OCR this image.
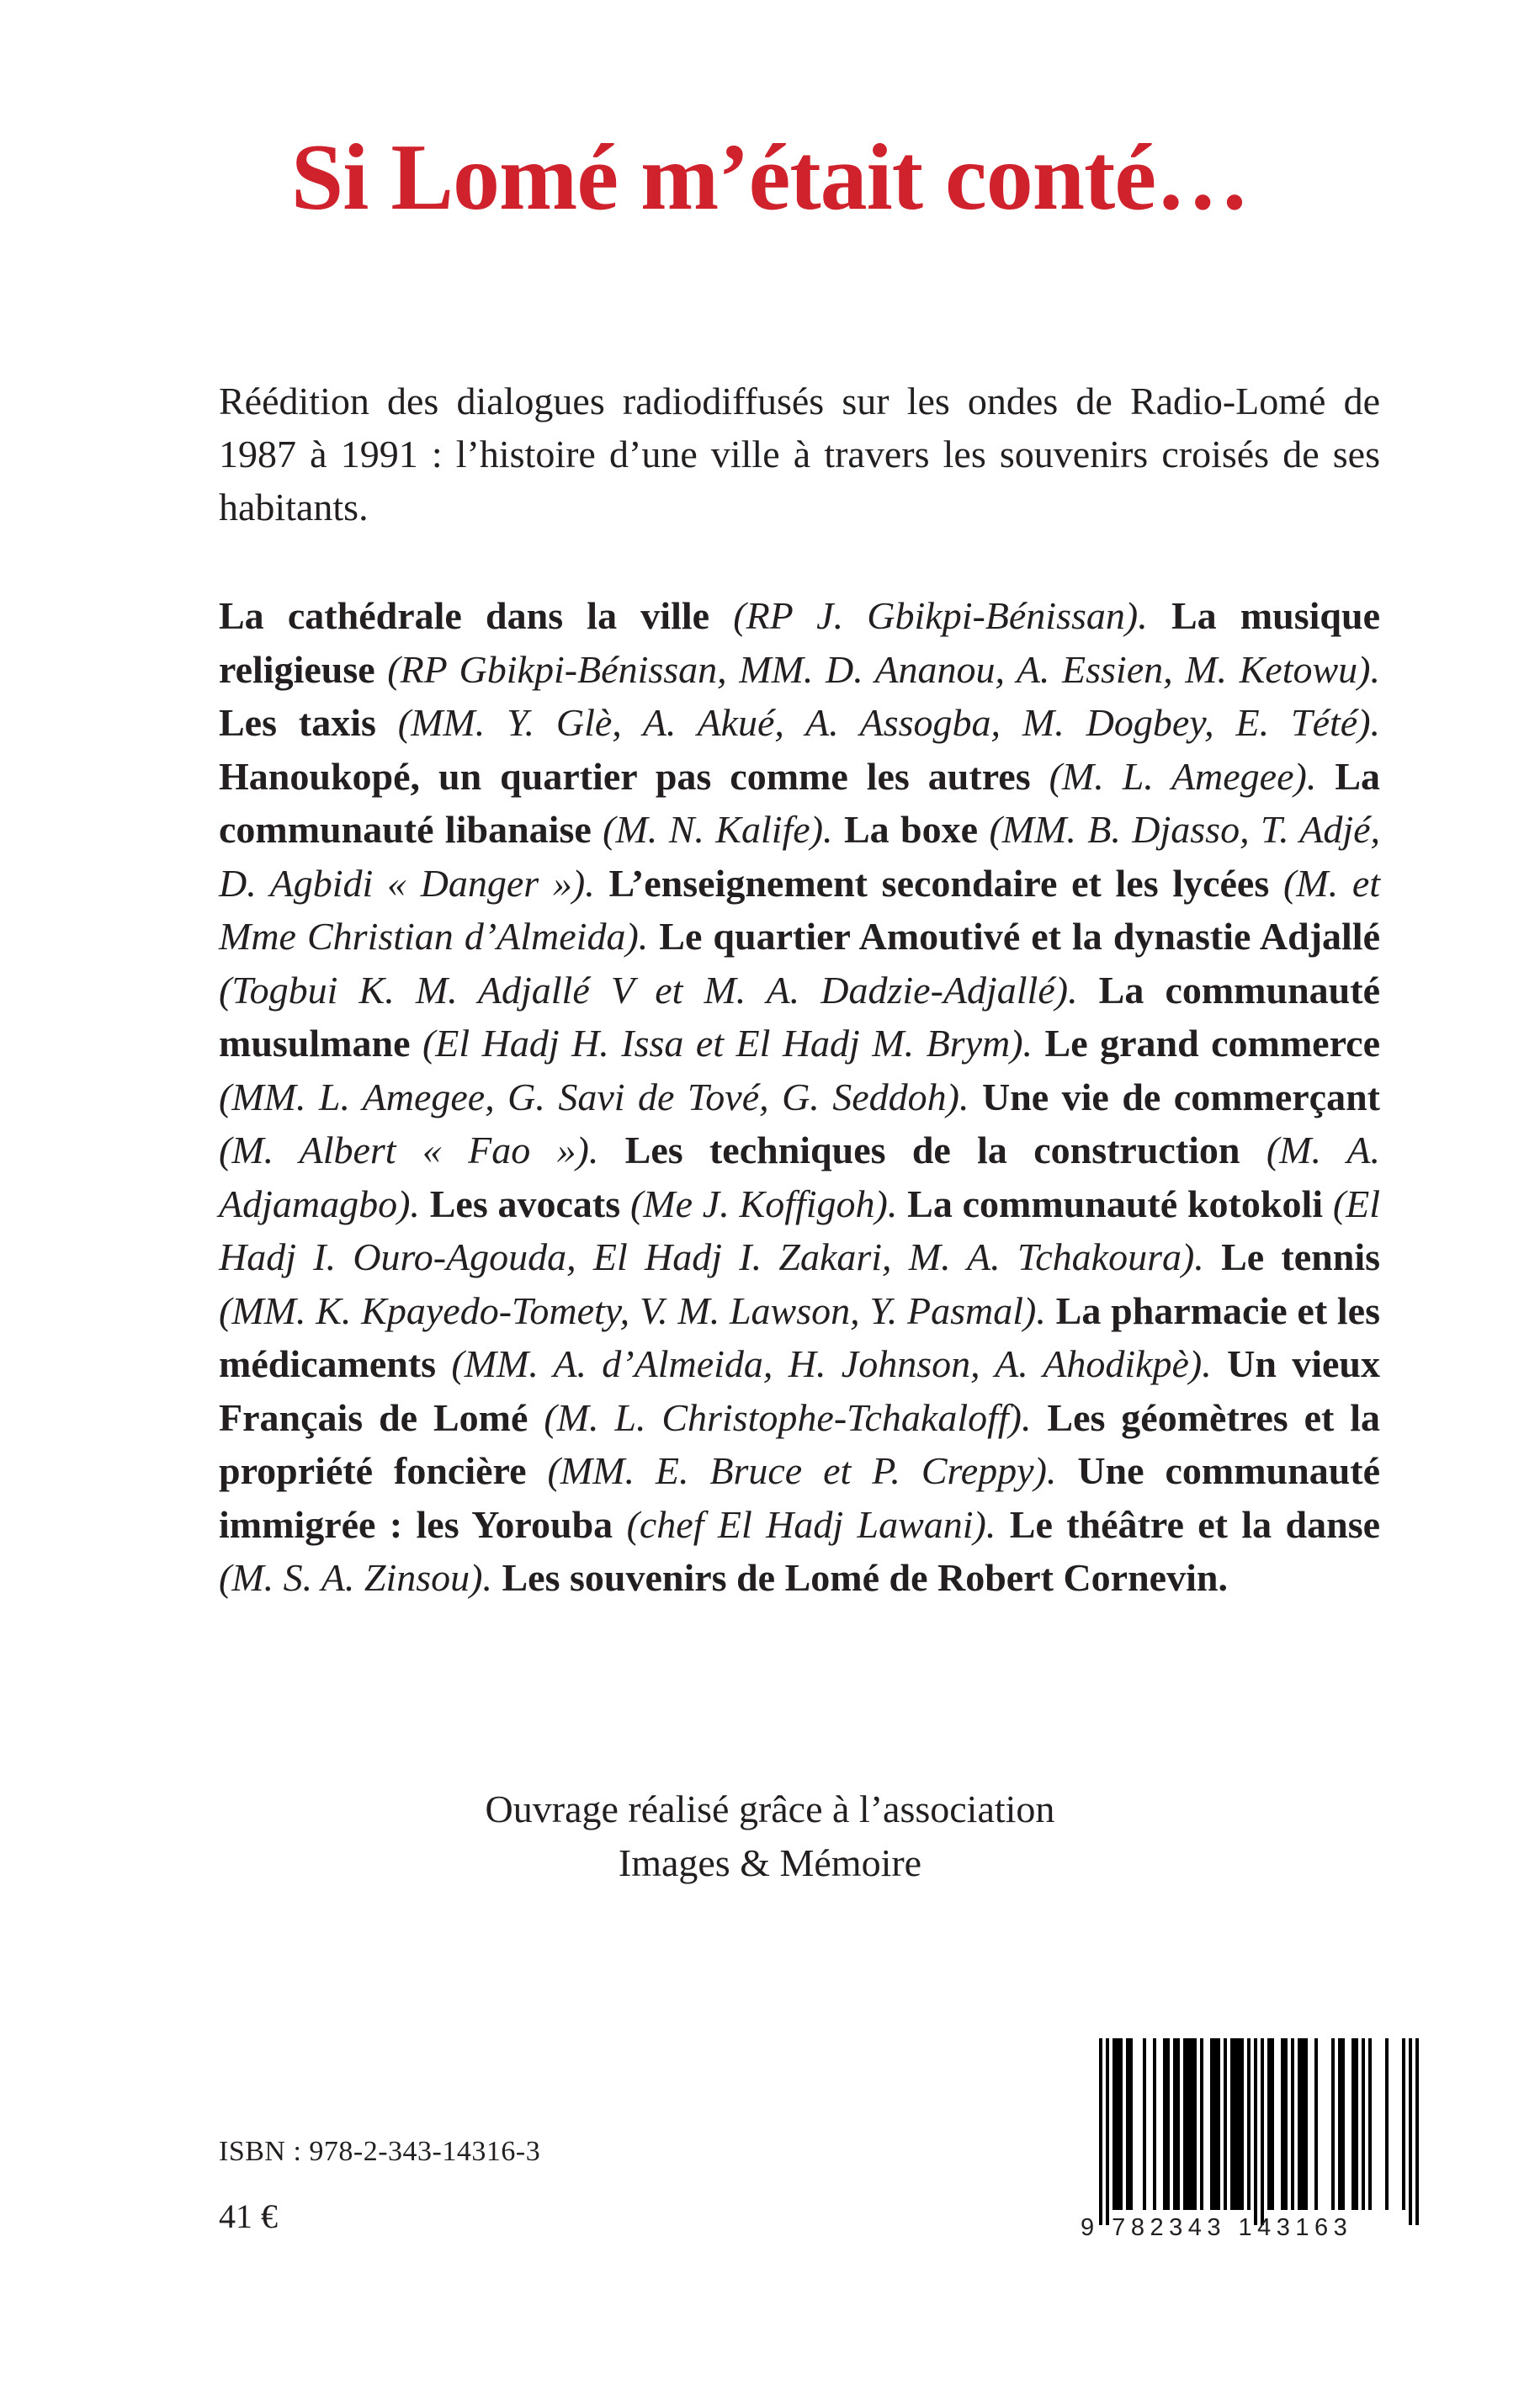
Si Lomé m’était conté…

Réédition des dialogues radiodiffusés sur les ondes de Radio-Lomé de 1987 à 1991 : l’histoire d’une ville à travers les souvenirs croisés de ses habitants.

La cathédrale dans la ville (RP J. Gbikpi-Bénissan). La musique religieuse (RP Gbikpi-Bénissan, MM. D. Ananou, A. Essien, M. Ketowu). Les taxis (MM. Y. Glè, A. Akué, A. Assogba, M. Dogbey, E. Tété). Hanoukopé, un quartier pas comme les autres (M. L. Amegee). La communauté libanaise (M. N. Kalife). La boxe (MM. B. Djasso, T. Adjé, D. Agbidi « Danger »). L’enseignement secondaire et les lycées (M. et Mme Christian d’Almeida). Le quartier Amoutivé et la dynastie Adjallé (Togbui K. M. Adjallé V et M. A. Dadzie-Adjallé). La communauté musulmane (El Hadj H. Issa et El Hadj M. Brym). Le grand commerce (MM. L. Amegee, G. Savi de Tové, G. Seddoh). Une vie de commerçant (M. Albert « Fao »). Les techniques de la construction (M. A. Adjamagbo). Les avocats (Me J. Koffigoh). La communauté kotokoli (El Hadj I. Ouro-Agouda, El Hadj I. Zakari, M. A. Tchakoura). Le tennis (MM. K. Kpayedo-Tomety, V. M. Lawson, Y. Pasmal). La pharmacie et les médicaments (MM. A. d’Almeida, H. Johnson, A. Ahodikpè). Un vieux Français de Lomé (M. L. Christophe-Tchakaloff). Les géomètres et la propriété foncière (MM. E. Bruce et P. Creppy). Une communauté immigrée : les Yorouba (chef El Hadj Lawani). Le théâtre et la danse (M. S. A. Zinsou). Les souvenirs de Lomé de Robert Cornevin.

Ouvrage réalisé grâce à l’association
Images & Mémoire

ISBN : 978-2-343-14316-3

41 €	9 782343 143163
